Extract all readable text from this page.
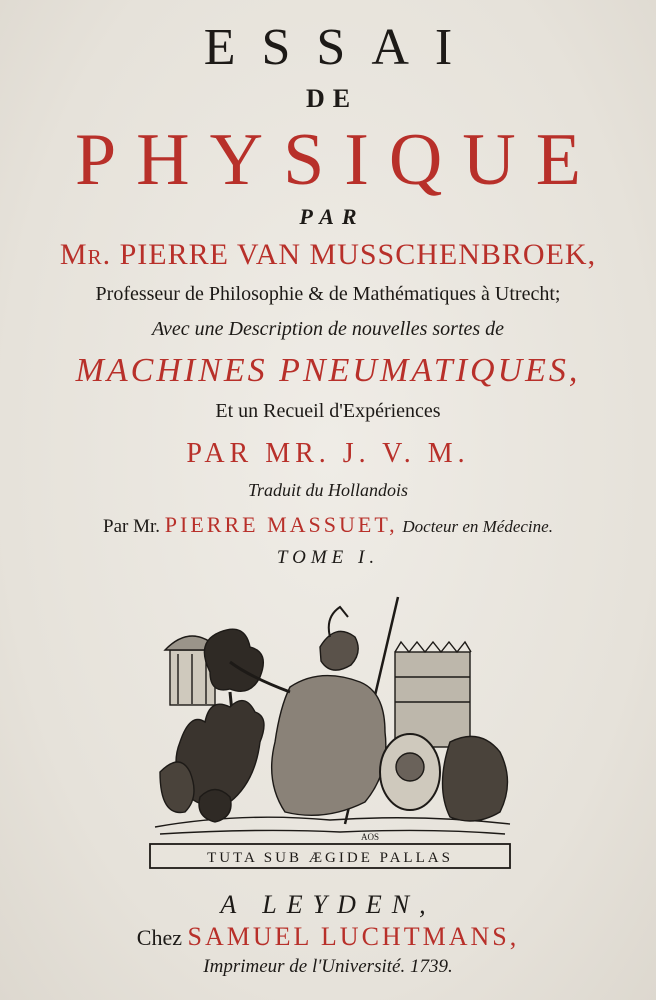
ESSAI
DE
PHYSIQUE
PAR
Mr. PIERRE VAN MUSSCHENBROEK,
Professeur de Philosophie & de Mathématiques à Utrecht;
Avec une Description de nouvelles sortes de
MACHINES PNEUMATIQUES,
Et un Recueil d'Expériences
PAR MR. J. V. M.
Traduit du Hollandois
Par Mr. PIERRE MASSUET, Docteur en Médecine.
TOME I.
TUTA SUB ÆGIDE PALLAS
AOS
A LEYDEN,
Chez SAMUEL LUCHTMANS,
Imprimeur de l'Université. 1739.
